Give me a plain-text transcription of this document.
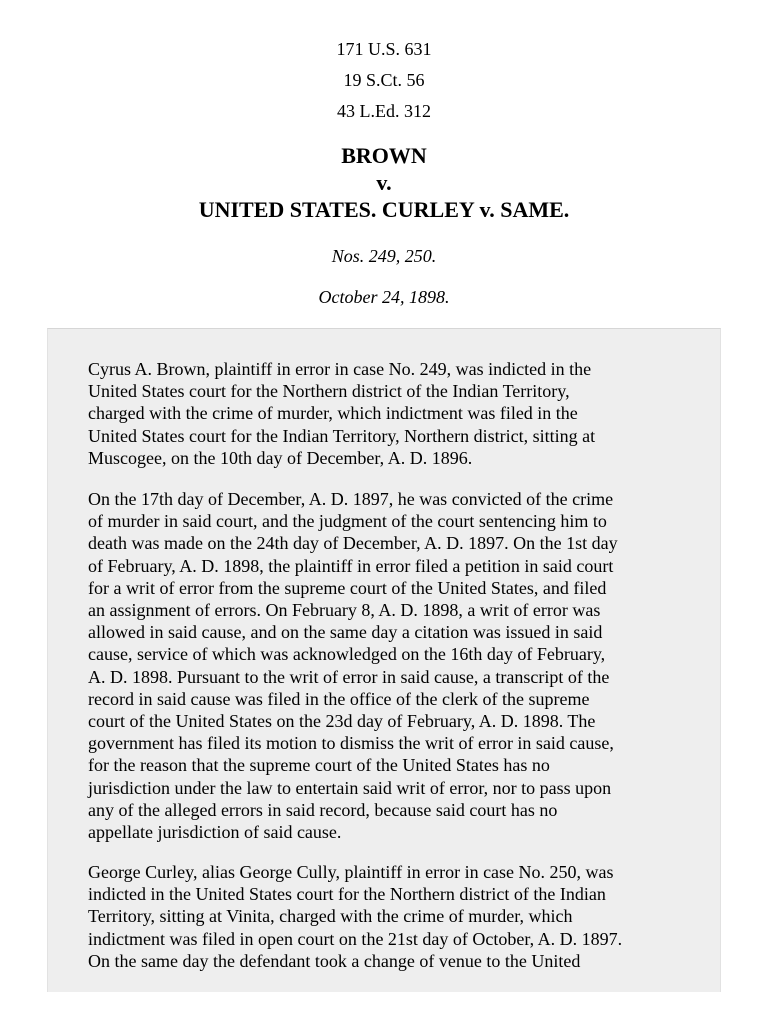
171 U.S. 631
19 S.Ct. 56
43 L.Ed. 312
BROWN
v.
UNITED STATES. CURLEY v. SAME.
Nos. 249, 250.
October 24, 1898.

Cyrus A. Brown, plaintiff in error in case No. 249, was indicted in the
United States court for the Northern district of the Indian Territory,
charged with the crime of murder, which indictment was filed in the
United States court for the Indian Territory, Northern district, sitting at
Muscogee, on the 10th day of December, A. D. 1896.

On the 17th day of December, A. D. 1897, he was convicted of the crime
of murder in said court, and the judgment of the court sentencing him to
death was made on the 24th day of December, A. D. 1897. On the 1st day
of February, A. D. 1898, the plaintiff in error filed a petition in said court
for a writ of error from the supreme court of the United States, and filed
an assignment of errors. On February 8, A. D. 1898, a writ of error was
allowed in said cause, and on the same day a citation was issued in said
cause, service of which was acknowledged on the 16th day of February,
A. D. 1898. Pursuant to the writ of error in said cause, a transcript of the
record in said cause was filed in the office of the clerk of the supreme
court of the United States on the 23d day of February, A. D. 1898. The
government has filed its motion to dismiss the writ of error in said cause,
for the reason that the supreme court of the United States has no
jurisdiction under the law to entertain said writ of error, nor to pass upon
any of the alleged errors in said record, because said court has no
appellate jurisdiction of said cause.

George Curley, alias George Cully, plaintiff in error in case No. 250, was
indicted in the United States court for the Northern district of the Indian
Territory, sitting at Vinita, charged with the crime of murder, which
indictment was filed in open court on the 21st day of October, A. D. 1897.
On the same day the defendant took a change of venue to the United
